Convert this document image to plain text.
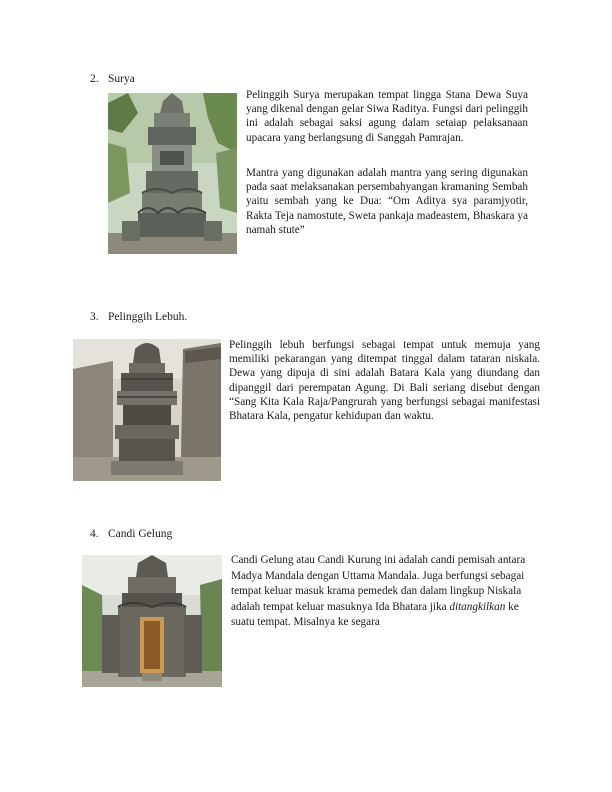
2. Surya

Pelinggih Surya merupakan tempat lingga Stana Dewa Suya yang dikenal dengan gelar Siwa Raditya. Fungsi dari pelinggih ini adalah sebagai saksi agung dalam setaiap pelaksanaan upacara yang berlangsung di Sanggah Pamrajan.

Mantra yang digunakan adalah mantra yang sering digunakan pada saat melaksanakan persembahyangan kramaning Sembah yaitu sembah yang ke Dua: “Om Aditya sya paramjyotir, Rakta Teja namostute, Sweta pankaja madeastem, Bhaskara ya namah stute”

3. Pelinggih Lebuh.

Pelinggih lebuh berfungsi sebagai tempat untuk memuja yang memiliki pekarangan yang ditempat tinggal dalam tataran niskala. Dewa yang dipuja di sini adalah Batara Kala yang diundang dan dipanggil dari perempatan Agung. Di Bali seriang disebut dengan “Sang Kita Kala Raja/Pangrurah yang berfungsi sebagai manifestasi Bhatara Kala, pengatur kehidupan dan waktu.

4. Candi Gelung

Candi Gelung atau Candi Kurung ini adalah candi pemisah antara Madya Mandala dengan Uttama Mandala. Juga berfungsi sebagai tempat keluar masuk krama pemedek dan dalam lingkup Niskala adalah tempat keluar masuknya Ida Bhatara jika ditangkilkan ke suatu tempat. Misalnya ke segara
